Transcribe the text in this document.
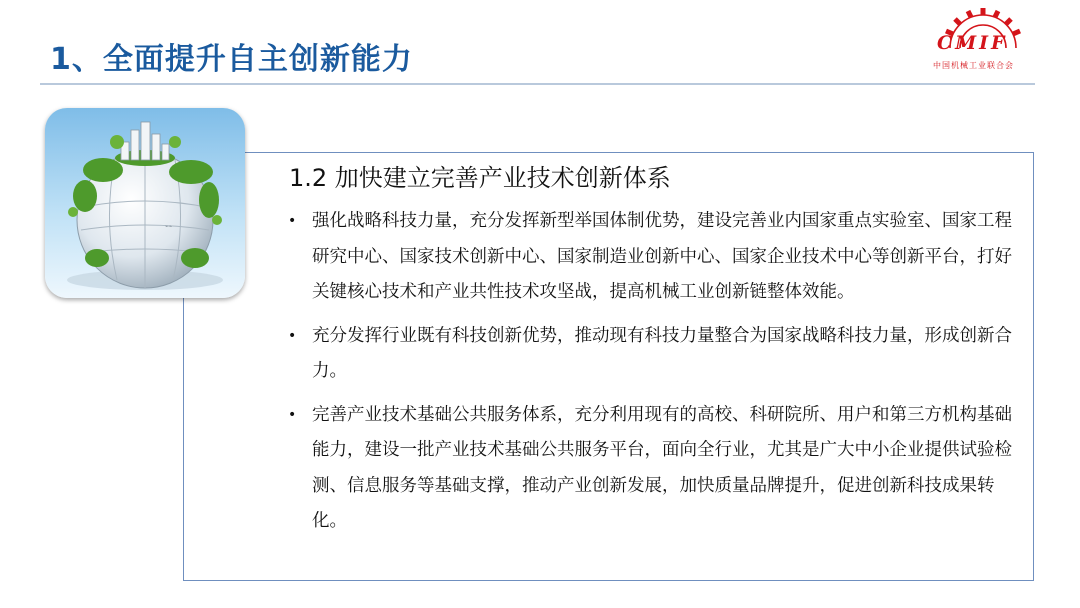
1、全面提升自主创新能力	CMIF
中国机械工业联合会
⌁⌁
1.2 加快建立完善产业技术创新体系
• 强化战略科技力量，充分发挥新型举国体制优势，建设完善业内国家重点实验室、国家工程研究中心、国家技术创新中心、国家制造业创新中心、国家企业技术中心等创新平台，打好关键核心技术和产业共性技术攻坚战，提高机械工业创新链整体效能。
• 充分发挥行业既有科技创新优势，推动现有科技力量整合为国家战略科技力量，形成创新合力。
• 完善产业技术基础公共服务体系，充分利用现有的高校、科研院所、用户和第三方机构基础能力，建设一批产业技术基础公共服务平台，面向全行业，尤其是广大中小企业提供试验检测、信息服务等基础支撑，推动产业创新发展，加快质量品牌提升，促进创新科技成果转化。
